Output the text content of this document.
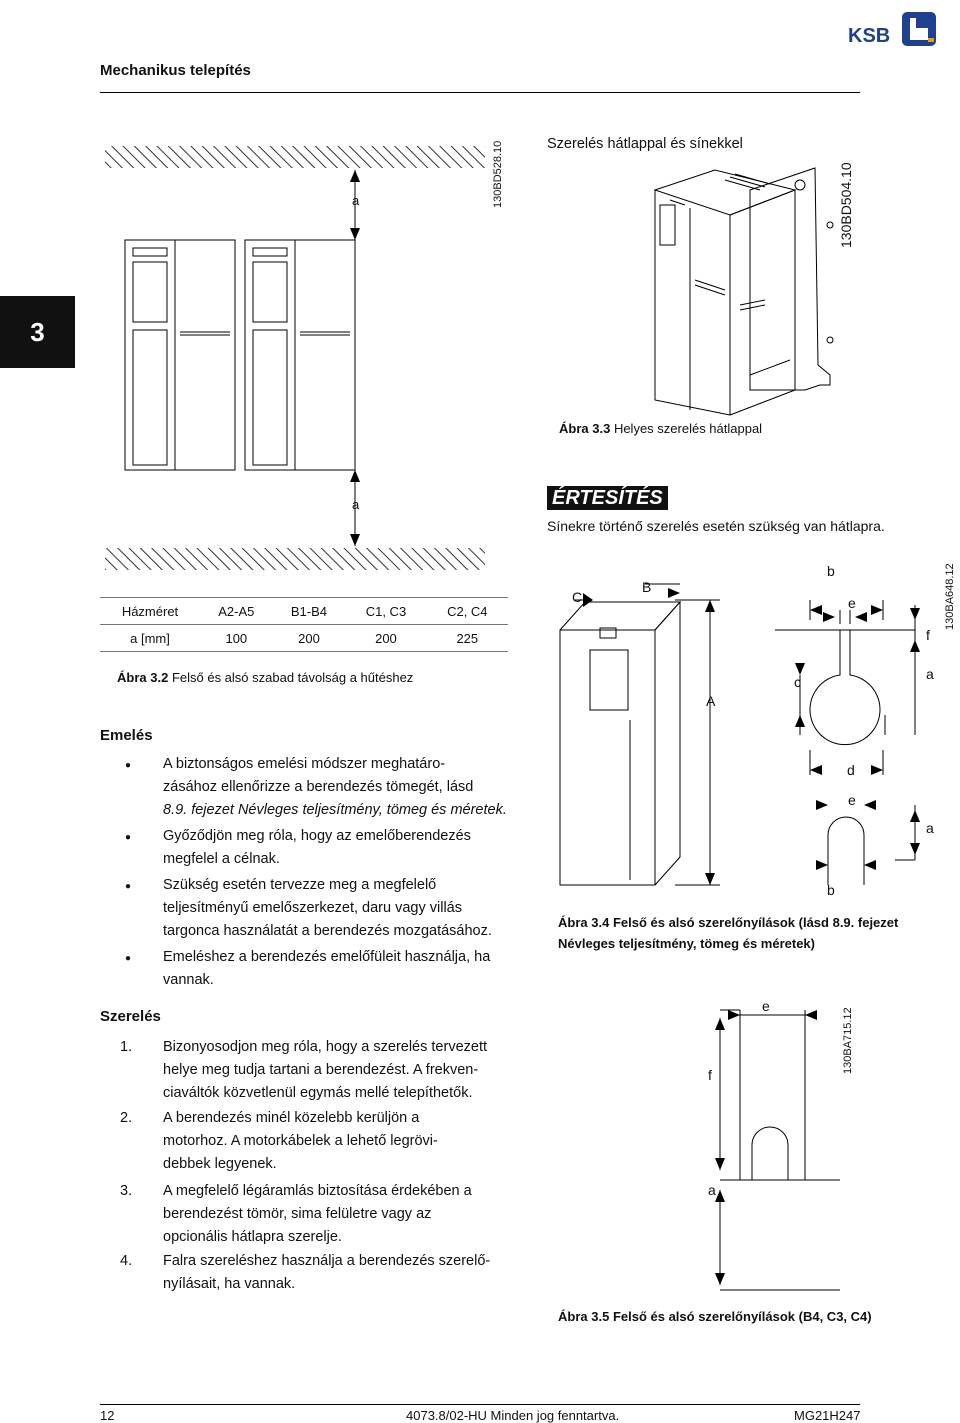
Mechanikus telepítés
KSB
3
a
a
130BD528.10
Házméret	A2-A5	B1-B4	C1, C3	C2, C4
a [mm]	100	200	200	225
Ábra 3.2 Felső és alsó szabad távolság a hűtéshez
Szerelés hátlappal és sínekkel
130BD504.10
Ábra 3.3 Helyes szerelés hátlappal
ÉRTESÍTÉS
Sínekre történő szerelés esetén szükség van hátlapra.
C
B
A
b
e
f
c	a
d
e
a
b
130BA648.12
Ábra 3.4 Felső és alsó szerelőnyílások (lásd 8.9. fejezet Névleges teljesítmény, tömeg és méretek)
e
f
a
130BA715.12
Ábra 3.5 Felső és alsó szerelőnyílások (B4, C3, C4)
Emelés
● A biztonságos emelési módszer meghatáro-
zásához ellenőrizze a berendezés tömegét, lásd
8.9. fejezet Névleges teljesítmény, tömeg és méretek.
● Győződjön meg róla, hogy az emelőberendezés
megfelel a célnak.
● Szükség esetén tervezze meg a megfelelő
teljesítményű emelőszerkezet, daru vagy villás
targonca használatát a berendezés mozgatásához.
● Emeléshez a berendezés emelőfüleit használja, ha
vannak.
Szerelés
1. Bizonyosodjon meg róla, hogy a szerelés tervezett
helye meg tudja tartani a berendezést. A frekven-
ciaváltók közvetlenül egymás mellé telepíthetők.
2. A berendezés minél közelebb kerüljön a
motorhoz. A motorkábelek a lehető legrövi-
debbek legyenek.
3. A megfelelő légáramlás biztosítása érdekében a
berendezést tömör, sima felületre vagy az
opcionális hátlapra szerelje.
4. Falra szereléshez használja a berendezés szerelő-
nyílásait, ha vannak.
12	4073.8/02-HU Minden jog fenntartva.	MG21H247
